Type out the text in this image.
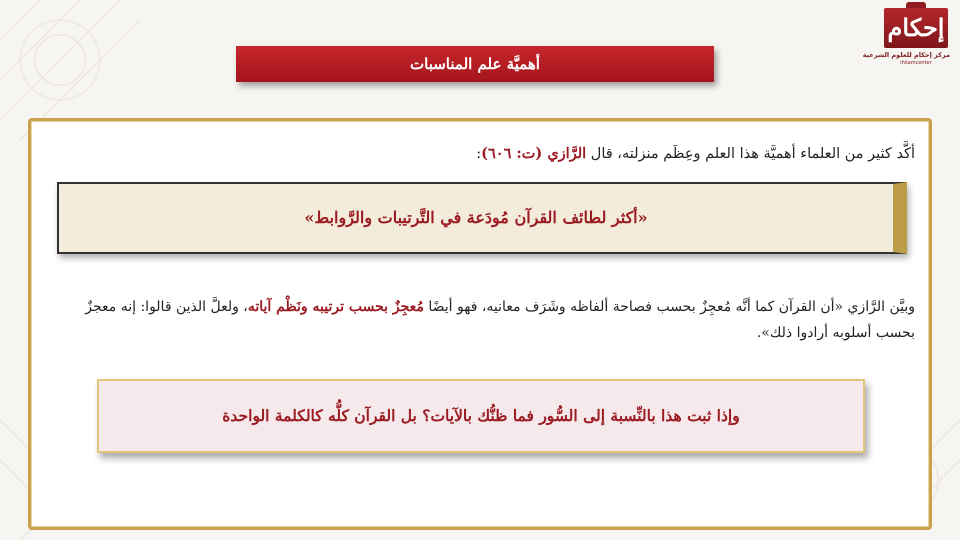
إحكام
مركز إحكام للعلوم الشرعية
ihkamcenter
أهميَّة علم المناسبات
أكَّد كثير من العلماء أهميَّة هذا العلم وعِظَم منزلته، قال الرَّازي (ت: ٦٠٦):
«أكثر لطائف القرآن مُودَعة في التَّرتيبات والرَّوابط»
وبيَّن الرَّازي «أن القرآن كما أنَّه مُعجِزٌ بحسب فصاحة ألفاظه وشَرَف معانيه، فهو أيضًا مُعجِزٌ بحسب ترتيبه ونَظْم آياته، ولعلَّ الذين قالوا: إنه معجزٌ بحسب أسلوبه أرادوا ذلك».
وإذا ثبت هذا بالنِّسبة إلى السُّور فما ظنُّك بالآيات؟ بل القرآن كلُّه كالكلمة الواحدة
